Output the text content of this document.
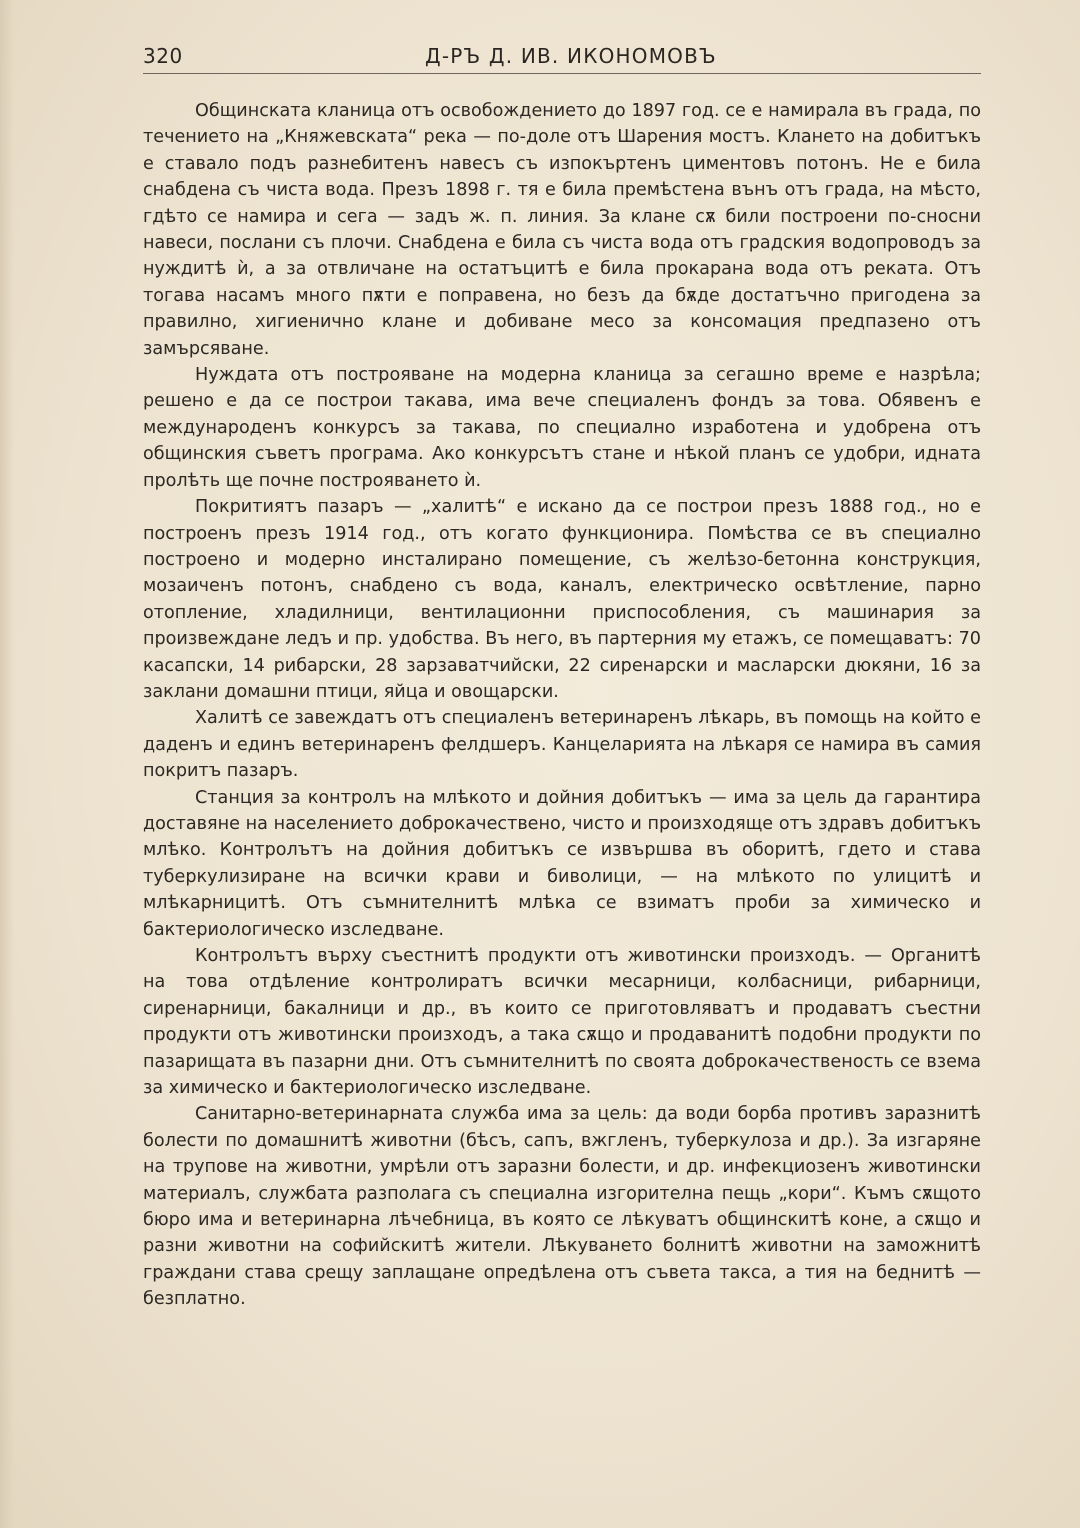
320	Д-РЪ Д. ИВ. ИКОНОМОВЪ

Общинската кланица отъ освобождението до 1897 год. се е намирала въ града, по течението на „Княжевската“ река — по-доле отъ Шарения мостъ. Клането на добитъкъ е ставало подъ разнебитенъ навесъ съ изпокъртенъ циментовъ потонъ. Не е била снабдена съ чиста вода. Презъ 1898 г. тя е била премѣстена вънъ отъ града, на мѣсто, гдѣто се намира и сега — задъ ж. п. линия. За клане сѫ били построени по-сносни навеси, послани съ плочи. Снабдена е била съ чиста вода отъ градския водопроводъ за нуждитѣ ѝ, а за отвличане на остатъцитѣ е била прокарана вода отъ реката. Отъ тогава насамъ много пѫти е поправена, но безъ да бѫде достатъчно пригодена за правилно, хигиенично клане и добиване месо за консомация предпазено отъ замърсяване.

Нуждата отъ построяване на модерна кланица за сегашно време е назрѣла; решено е да се построи такава, има вече специаленъ фондъ за това. Обявенъ е международенъ конкурсъ за такава, по специално изработена и удобрена отъ общинския съветъ програма. Ако конкурсътъ стане и нѣкой планъ се удобри, идната пролѣть ще почне построяването ѝ.

Покритиятъ пазаръ — „халитѣ“ е искано да се построи презъ 1888 год., но е построенъ презъ 1914 год., отъ когато функционира. Помѣства се въ специално построено и модерно инсталирано помещение, съ желѣзо-бетонна конструкция, мозаиченъ потонъ, снабдено съ вода, каналъ, електрическо освѣтление, парно отопление, хладилници, вентилационни приспособления, съ машинария за произвеждане ледъ и пр. удобства. Въ него, въ партерния му етажъ, се помещаватъ: 70 касапски, 14 рибарски, 28 зарзаватчийски, 22 сиренарски и масларски дюкяни, 16 за заклани домашни птици, яйца и овощарски.

Халитѣ се завеждатъ отъ специаленъ ветеринаренъ лѣкарь, въ помощь на който е даденъ и единъ ветеринаренъ фелдшеръ. Канцеларията на лѣкаря се намира въ самия покритъ пазаръ.

Станция за контролъ на млѣкото и дойния добитъкъ — има за цель да гарантира доставяне на населението доброкачествено, чисто и произходяще отъ здравъ добитъкъ млѣко. Контролътъ на дойния добитъкъ се извършва въ оборитѣ, гдето и става туберкулизиране на всички крави и биволици, — на млѣкото по улицитѣ и млѣкарницитѣ. Отъ съмнителнитѣ млѣка се взиматъ проби за химическо и бактериологическо изследване.

Контролътъ върху съестнитѣ продукти отъ животински произходъ. — Органитѣ на това отдѣление контролиратъ всички месарници, колбасници, рибарници, сиренарници, бакалници и др., въ които се приготовляватъ и продаватъ съестни продукти отъ животински произходъ, а така сѫщо и продаванитѣ подобни продукти по пазарищата въ пазарни дни. Отъ съмнителнитѣ по своята доброкачественость се взема за химическо и бактериологическо изследване.

Санитарно-ветеринарната служба има за цель: да води борба противъ заразнитѣ болести по домашнитѣ животни (бѣсъ, сапъ, вжгленъ, туберкулоза и др.). За изгаряне на трупове на животни, умрѣли отъ заразни болести, и др. инфекциозенъ животински материалъ, службата разполага съ специална изгорителна пещь „кори“. Къмъ сѫщото бюро има и ветеринарна лѣчебница, въ която се лѣкуватъ общинскитѣ коне, а сѫщо и разни животни на софийскитѣ жители. Лѣкуването болнитѣ животни на заможнитѣ граждани става срещу заплащане опредѣлена отъ съвета такса, а тия на беднитѣ — безплатно.
